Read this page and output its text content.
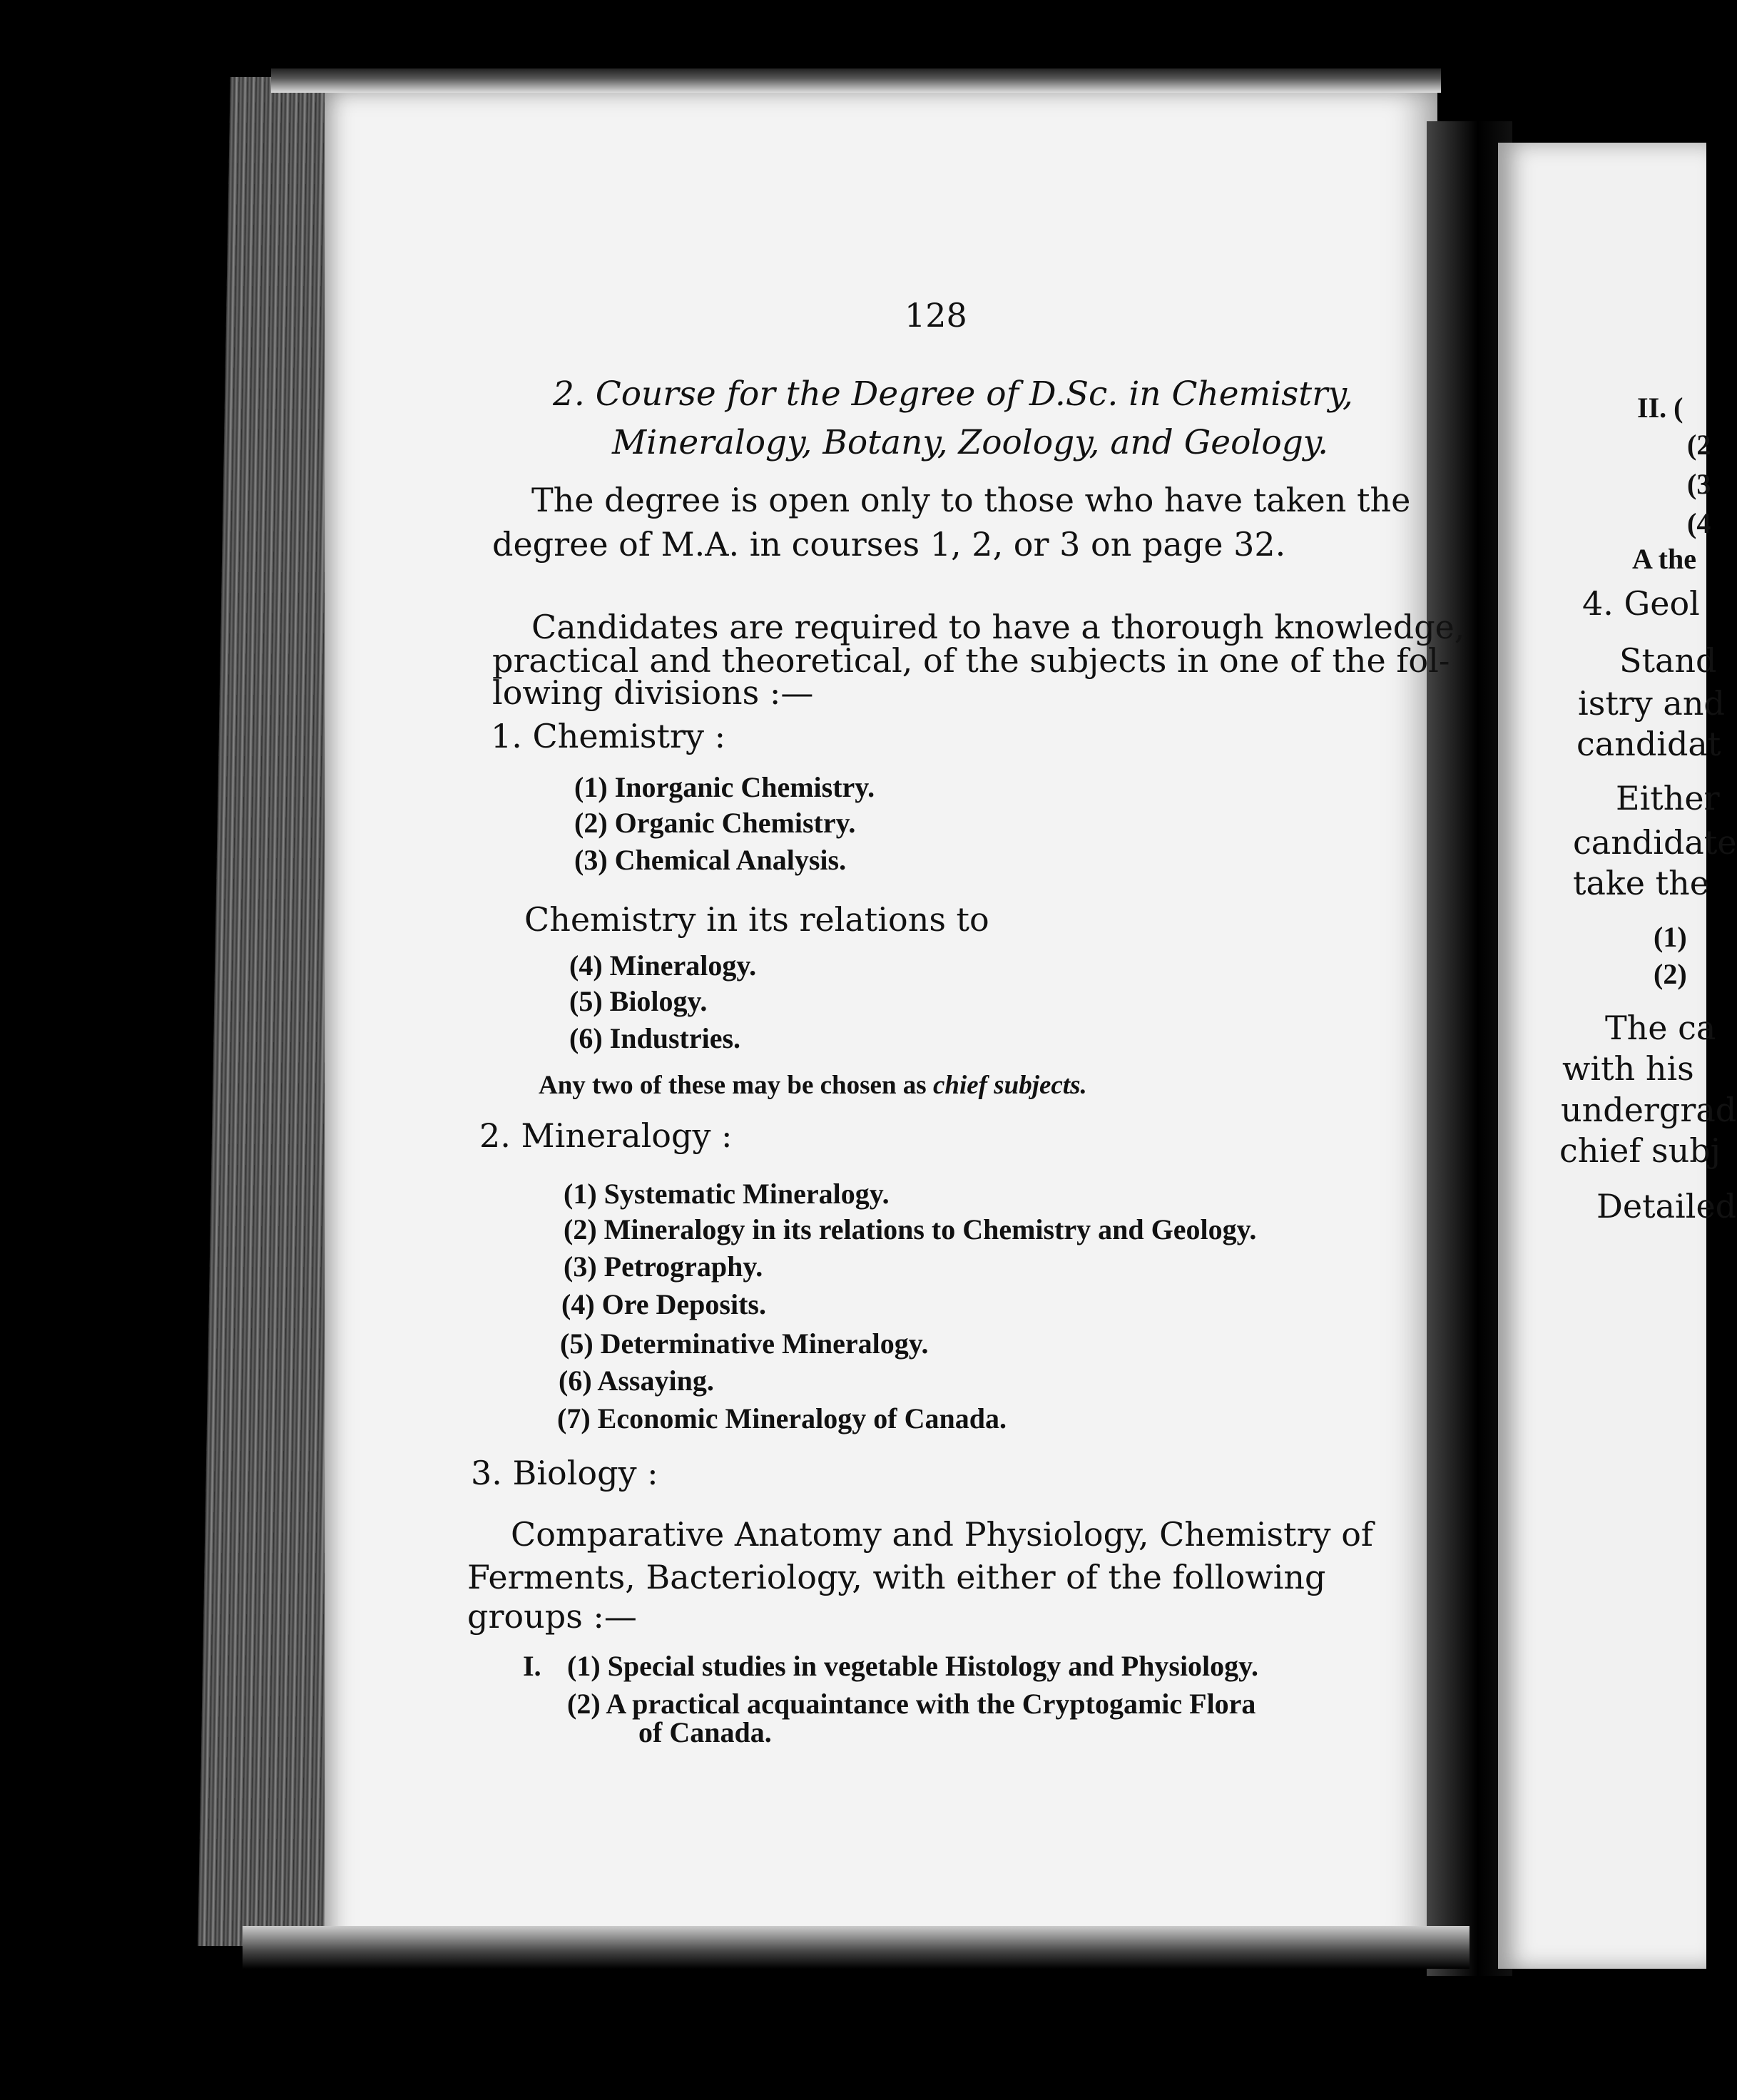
128
2. Course for the Degree of D.Sc. in Chemistry,
Mineralogy, Botany, Zoology, and Geology.
The degree is open only to those who have taken the
degree of M.A. in courses 1, 2, or 3 on page 32.
Candidates are required to have a thorough knowledge,
practical and theoretical, of the subjects in one of the fol-
lowing divisions :—
1. Chemistry :
(1) Inorganic Chemistry.
(2) Organic Chemistry.
(3) Chemical Analysis.
Chemistry in its relations to
(4) Mineralogy.
(5) Biology.
(6) Industries.
Any two of these may be chosen as chief subjects.
2. Mineralogy :
(1) Systematic Mineralogy.
(2) Mineralogy in its relations to Chemistry and Geology.
(3) Petrography.
(4) Ore Deposits.
(5) Determinative Mineralogy.
(6) Assaying.
(7) Economic Mineralogy of Canada.
3. Biology :
Comparative Anatomy and Physiology, Chemistry of
Ferments, Bacteriology, with either of the following
groups :—
I. (1) Special studies in vegetable Histology and Physiology.
(2) A practical acquaintance with the Cryptogamic Flora
of Canada.
II. (
(2
(3
(4
A the
4. Geol
Stand
istry and
candidat
Either
candidate
take the
(1)
(2)
The ca
with his
undergrad
chief subj
Detailed
